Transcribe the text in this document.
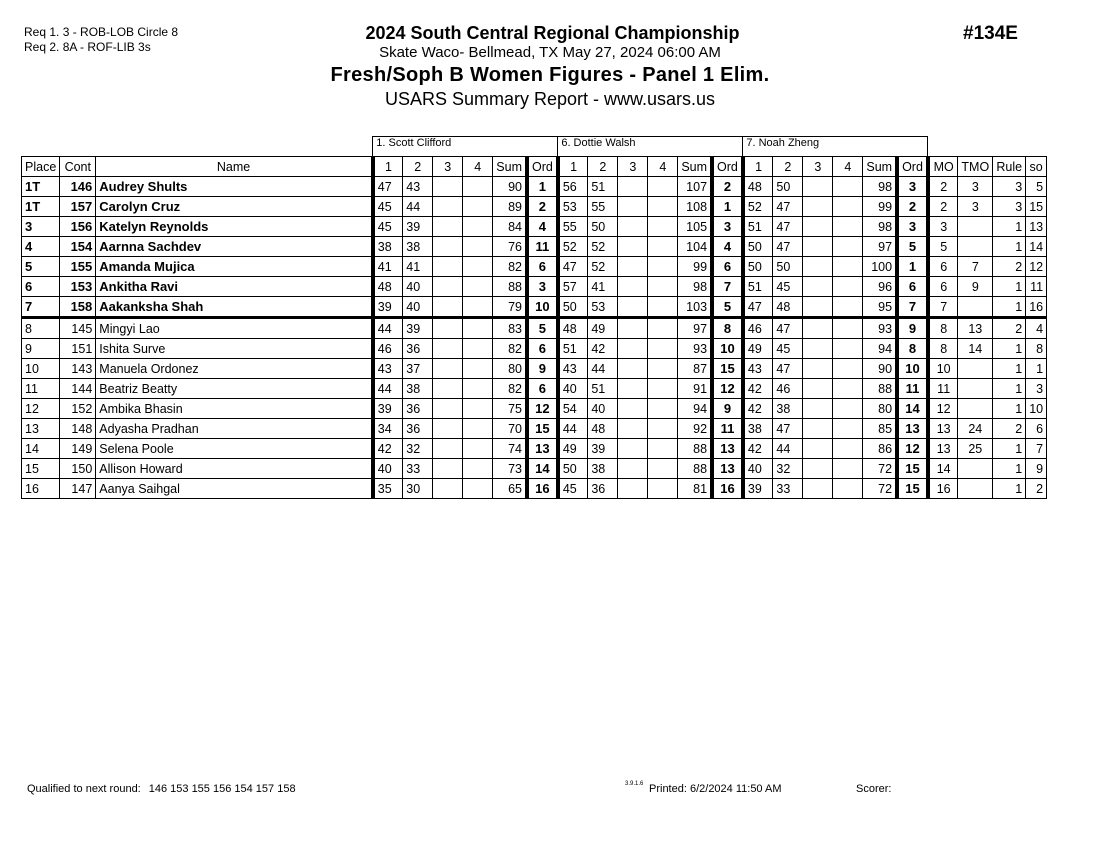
Req 1. 3 - ROB-LOB Circle 8
Req 2. 8A - ROF-LIB 3s
2024 South Central Regional Championship
Skate Waco- Bellmead, TX May 27, 2024 06:00 AM
Fresh/Soph B Women Figures - Panel 1 Elim.
USARS Summary Report - www.usars.us
#134E
			1. Scott Clifford						6. Dottie Walsh						7. Noah Zheng									
Place	Cont	Name	1	2	3	4	Sum	Ord	1	2	3	4	Sum	Ord	1	2	3	4	Sum	Ord	MO	TMO	Rule	so
1T	146	Audrey Shults	47	43			90	1	56	51			107	2	48	50			98	3	2	3	3	5
1T	157	Carolyn Cruz	45	44			89	2	53	55			108	1	52	47			99	2	2	3	3	15
3	156	Katelyn Reynolds	45	39			84	4	55	50			105	3	51	47			98	3	3		1	13
4	154	Aarnna Sachdev	38	38			76	11	52	52			104	4	50	47			97	5	5		1	14
5	155	Amanda Mujica	41	41			82	6	47	52			99	6	50	50			100	1	6	7	2	12
6	153	Ankitha Ravi	48	40			88	3	57	41			98	7	51	45			96	6	6	9	1	11
7	158	Aakanksha Shah	39	40			79	10	50	53			103	5	47	48			95	7	7		1	16
8	145	Mingyi Lao	44	39			83	5	48	49			97	8	46	47			93	9	8	13	2	4
9	151	Ishita Surve	46	36			82	6	51	42			93	10	49	45			94	8	8	14	1	8
10	143	Manuela Ordonez	43	37			80	9	43	44			87	15	43	47			90	10	10		1	1
11	144	Beatriz Beatty	44	38			82	6	40	51			91	12	42	46			88	11	11		1	3
12	152	Ambika Bhasin	39	36			75	12	54	40			94	9	42	38			80	14	12		1	10
13	148	Adyasha Pradhan	34	36			70	15	44	48			92	11	38	47			85	13	13	24	2	6
14	149	Selena Poole	42	32			74	13	49	39			88	13	42	44			86	12	13	25	1	7
15	150	Allison Howard	40	33			73	14	50	38			88	13	40	32			72	15	14		1	9
16	147	Aanya Saihgal	35	30			65	16	45	36			81	16	39	33			72	15	16		1	2
Qualified to next round: 146 153 155 156 154 157 158	3.9.1.6 Printed: 6/2/2024 11:50 AM	Scorer:
